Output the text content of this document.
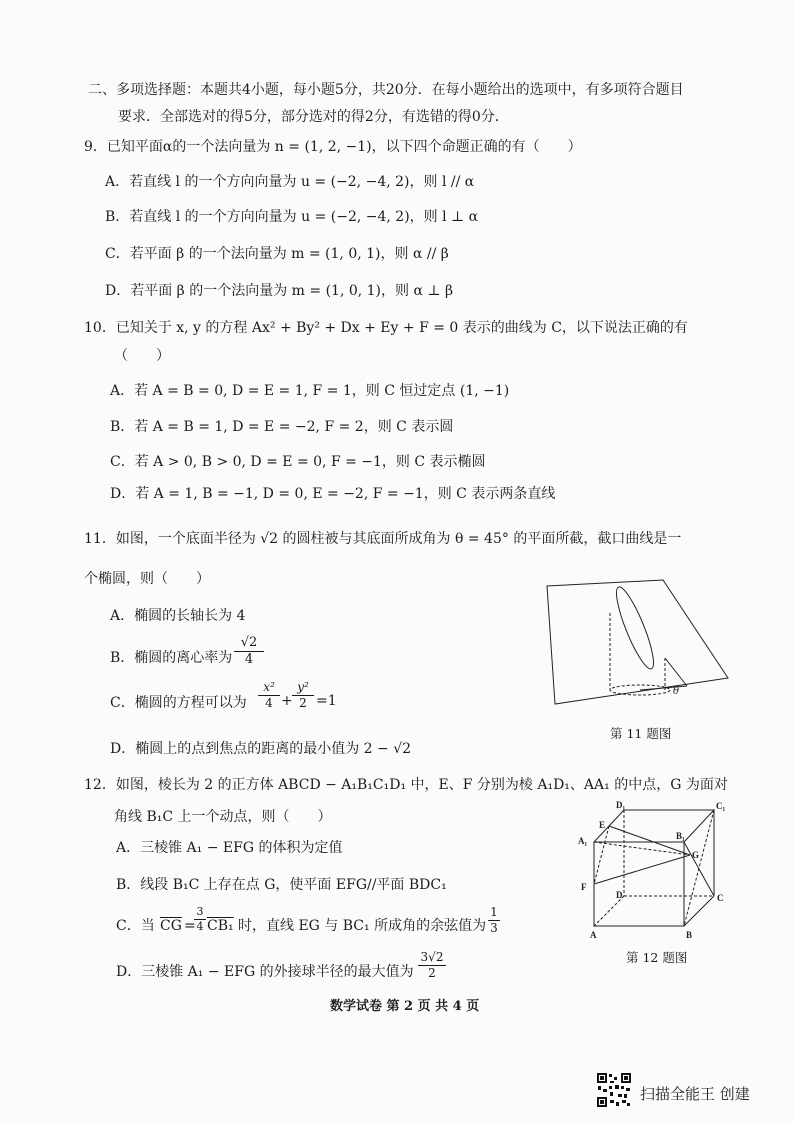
二、多项选择题：本题共4小题，每小题5分，共20分．在每小题给出的选项中，有多项符合题目
要求．全部选对的得5分，部分选对的得2分，有选错的得0分．
9．已知平面α的一个法向量为 n = (1, 2, −1)，以下四个命题正确的有（　　）
A．若直线 l 的一个方向向量为 u = (−2, −4, 2)，则 l // α
B．若直线 l 的一个方向向量为 u = (−2, −4, 2)，则 l ⊥ α
C．若平面 β 的一个法向量为 m = (1, 0, 1)，则 α // β
D．若平面 β 的一个法向量为 m = (1, 0, 1)，则 α ⊥ β
10．已知关于 x, y 的方程 Ax² + By² + Dx + Ey + F = 0 表示的曲线为 C，以下说法正确的有
（　　）
A．若 A = B = 0, D = E = 1, F = 1，则 C 恒过定点 (1, −1)
B．若 A = B = 1, D = E = −2, F = 2，则 C 表示圆
C．若 A > 0, B > 0, D = E = 0, F = −1，则 C 表示椭圆
D．若 A = 1, B = −1, D = 0, E = −2, F = −1，则 C 表示两条直线
11．如图，一个底面半径为 √2 的圆柱被与其底面所成角为 θ = 45° 的平面所截，截口曲线是一
个椭圆，则（　　）
A．椭圆的长轴长为 4
B．椭圆的离心率为 $\frac{√2}{4}$
C．椭圆的方程可以为 $\frac{\text{x²}}{4} + \frac{\text{y²}}{2} =1$
D．椭圆上的点到焦点的距离的最小值为 2 − √2
θ
第 11 题图
12．如图，棱长为 2 的正方体 ABCD − A₁B₁C₁D₁ 中，E、F 分别为棱 A₁D₁、AA₁ 的中点，G 为面对
角线 B₁C 上一个动点，则（　　）
A．三棱锥 A₁ − EFG 的体积为定值
B．线段 B₁C 上存在点 G，使平面 EFG//平面 BDC₁
C．当 $\overline{CG}$ =
$\frac{3}{4} CB_1$ 时，直线 EG 与 BC₁ 所成角的余弦值为 $\frac{1}{3}$
D．三棱锥 A₁ − EFG 的外接球半径的最大值为 $\frac{3√2}{2}$
D₁	C₁
E
B₁
A₁
G
F
D	C
A	B
第 12 题图
数学试卷 第 2 页 共 4 页
扫描全能王 创建
